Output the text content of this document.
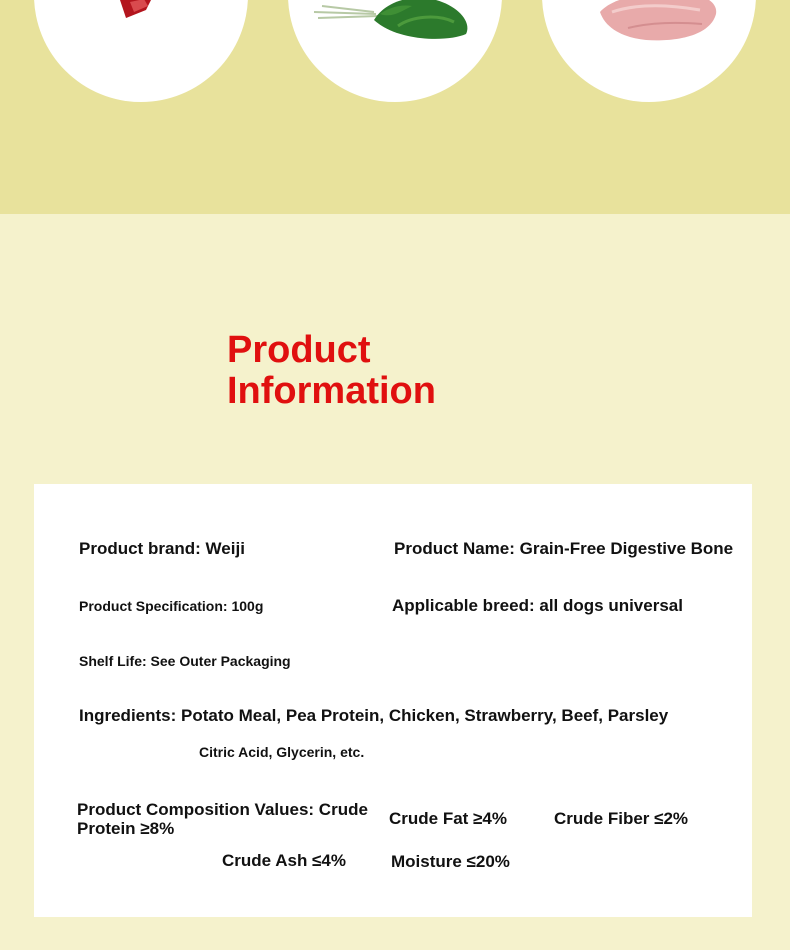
Product
Information
Product brand: Weiji	Product Name: Grain-Free Digestive Bone
Product Specification: 100g	Applicable breed: all dogs universal
Shelf Life: See Outer Packaging
Ingredients: Potato Meal, Pea Protein, Chicken, Strawberry, Beef, Parsley
Citric Acid, Glycerin, etc.
Product Composition Values: Crude
Protein ≥8%
Crude Fat ≥4%	Crude Fiber ≤2%
Crude Ash ≤4%	Moisture ≤20%
